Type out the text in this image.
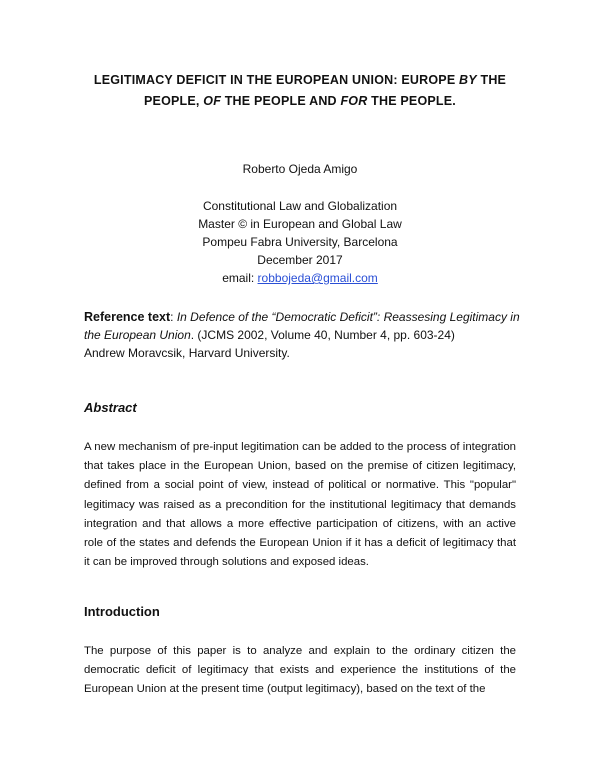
LEGITIMACY DEFICIT IN THE EUROPEAN UNION: EUROPE BY THE
PEOPLE, OF THE PEOPLE AND FOR THE PEOPLE.
Roberto Ojeda Amigo
Constitutional Law and Globalization
Master © in European and Global Law
Pompeu Fabra University, Barcelona
December 2017
email: robbojeda@gmail.com
Reference text: In Defence of the “Democratic Deficit”: Reassesing Legitimacy in the European Union. (JCMS 2002, Volume 40, Number 4, pp. 603-24)
Andrew Moravcsik, Harvard University.
Abstract
A new mechanism of pre-input legitimation can be added to the process of integration that takes place in the European Union, based on the premise of citizen legitimacy, defined from a social point of view, instead of political or normative. This "popular" legitimacy was raised as a precondition for the institutional legitimacy that demands integration and that allows a more effective participation of citizens, with an active role of the states and defends the European Union if it has a deficit of legitimacy that it can be improved through solutions and exposed ideas.
Introduction
The purpose of this paper is to analyze and explain to the ordinary citizen the democratic deficit of legitimacy that exists and experience the institutions of the European Union at the present time (output legitimacy), based on the text of the
